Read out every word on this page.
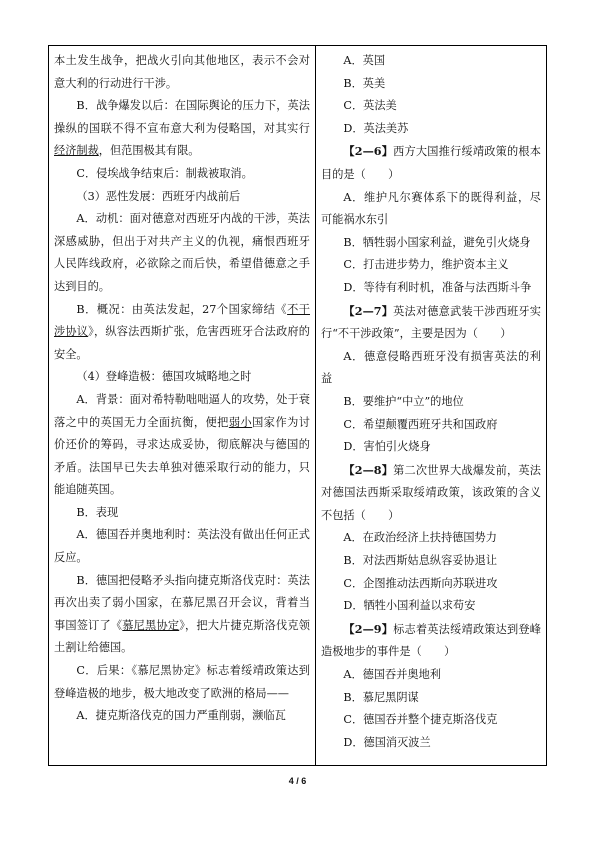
本土发生战争，把战火引向其他地区，表示不会对意大利的行动进行干涉。

B．战争爆发以后：在国际舆论的压力下，英法操纵的国联不得不宣布意大利为侵略国，对其实行经济制裁，但范围极其有限。

C．侵埃战争结束后：制裁被取消。

（3）恶性发展：西班牙内战前后

A．动机：面对德意对西班牙内战的干涉，英法深感威胁，但出于对共产主义的仇视，痛恨西班牙人民阵线政府，必欲除之而后快，希望借德意之手达到目的。

B．概况：由英法发起，27个国家缔结《不干涉协议》，纵容法西斯扩张，危害西班牙合法政府的安全。

（4）登峰造极：德国攻城略地之时

A．背景：面对希特勒咄咄逼人的攻势，处于衰落之中的英国无力全面抗衡，便把弱小国家作为讨价还价的筹码，寻求达成妥协，彻底解决与德国的矛盾。法国早已失去单独对德采取行动的能力，只能追随英国。

B．表现

A．德国吞并奥地利时：英法没有做出任何正式反应。

B．德国把侵略矛头指向捷克斯洛伐克时：英法再次出卖了弱小国家，在慕尼黑召开会议，背着当事国签订了《慕尼黑协定》，把大片捷克斯洛伐克领土割让给德国。

C．后果：《慕尼黑协定》标志着绥靖政策达到登峰造极的地步，极大地改变了欧洲的格局——

A．捷克斯洛伐克的国力严重削弱，濒临瓦

A．英国

B．英美

C．英法美

D．英法美苏

【2—6】西方大国推行绥靖政策的根本目的是（　　）

A．维护凡尔赛体系下的既得利益，尽可能祸水东引

B．牺牲弱小国家利益，避免引火烧身

C．打击进步势力，维护资本主义

D．等待有利时机，准备与法西斯斗争

【2—7】英法对德意武装干涉西班牙实行“不干涉政策”，主要是因为（　　）

A．德意侵略西班牙没有损害英法的利益

B．要维护“中立”的地位

C．希望颠覆西班牙共和国政府

D．害怕引火烧身

【2—8】第二次世界大战爆发前，英法对德国法西斯采取绥靖政策，该政策的含义不包括（　　）

A．在政治经济上扶持德国势力

B．对法西斯姑息纵容妥协退让

C．企图推动法西斯向苏联进攻

D．牺牲小国利益以求苟安

【2—9】标志着英法绥靖政策达到登峰造极地步的事件是（　　）

A．德国吞并奥地利

B．慕尼黑阴谋

C．德国吞并整个捷克斯洛伐克

D．德国消灭波兰

4 / 6
